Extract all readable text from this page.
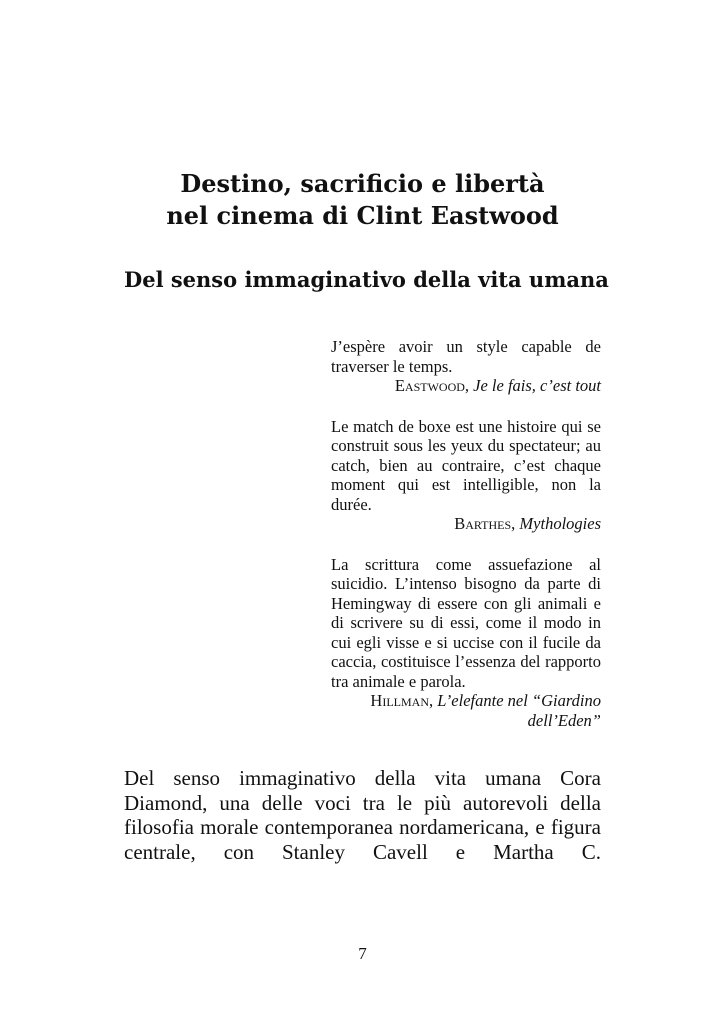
Destino, sacrificio e libertà
nel cinema di Clint Eastwood
Del senso immaginativo della vita umana

J’espère avoir un style capable de traverser le temps.

Eastwood, Je le fais, c’est tout

Le match de boxe est une histoire qui se construit sous les yeux du spectateur; au catch, bien au contraire, c’est chaque moment qui est intelligible, non la durée.

Barthes, Mythologies

La scrittura come assuefazione al suicidio. L’intenso bisogno da parte di Hemingway di essere con gli animali e di scrivere su di essi, come il modo in cui egli visse e si uccise con il fucile da caccia, costituisce l’essenza del rapporto tra animale e parola.

Hillman, L’elefante nel “Giardino dell’Eden”

Del senso immaginativo della vita umana Cora Diamond, una delle voci tra le più autorevoli della filosofia morale contemporanea nordamericana, e figura centrale, con Stanley Cavell e Martha C.

7
